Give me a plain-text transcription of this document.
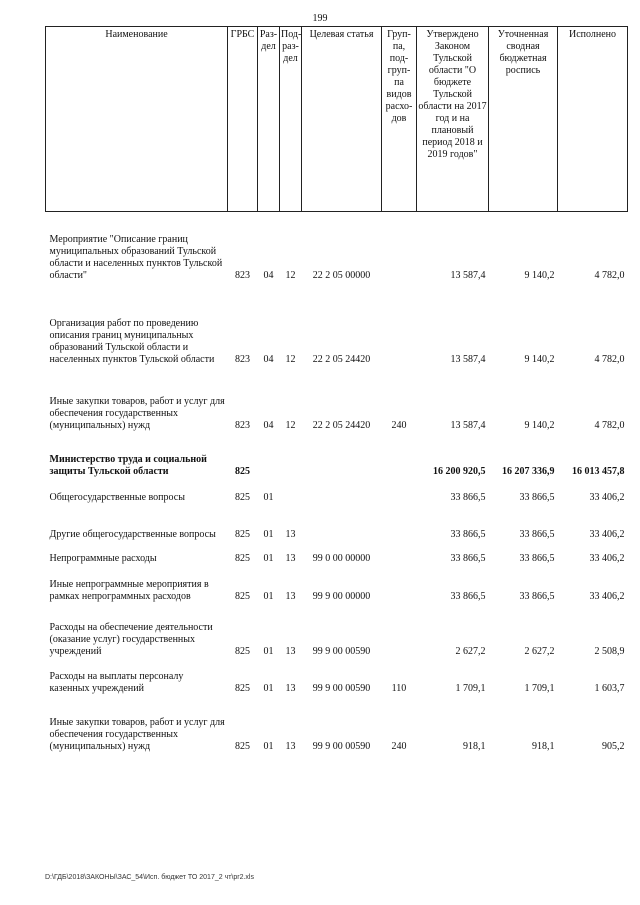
199
Наименование	ГРБС	Раз-дел	Под-раз-дел	Целевая статья	Груп-па, под-груп-па видов расхо-дов	Утверждено Законом Тульской области "О бюджете Тульской области на 2017 год и на плановый период 2018 и 2019 годов"	Уточненная сводная бюджетная роспись	Исполнено
Мероприятие "Описание границ муниципальных образований Тульской области и населенных пунктов Тульской области"	823	04	12	22 2 05 00000		13 587,4	9 140,2	4 782,0
Организация работ по проведению описания границ муниципальных образований Тульской области и населенных пунктов Тульской области	823	04	12	22 2 05 24420		13 587,4	9 140,2	4 782,0
Иные закупки товаров, работ и услуг для обеспечения государственных (муниципальных) нужд	823	04	12	22 2 05 24420	240	13 587,4	9 140,2	4 782,0
Министерство труда и социальной защиты Тульской области	825					16 200 920,5	16 207 336,9	16 013 457,8
Общегосударственные вопросы	825	01				33 866,5	33 866,5	33 406,2
Другие общегосударственные вопросы	825	01	13			33 866,5	33 866,5	33 406,2
Непрограммные расходы	825	01	13	99 0 00 00000		33 866,5	33 866,5	33 406,2
Иные непрограммные мероприятия в рамках непрограммных расходов	825	01	13	99 9 00 00000		33 866,5	33 866,5	33 406,2
Расходы на обеспечение деятельности (оказание услуг) государственных учреждений	825	01	13	99 9 00 00590		2 627,2	2 627,2	2 508,9
Расходы на выплаты персоналу казенных учреждений	825	01	13	99 9 00 00590	110	1 709,1	1 709,1	1 603,7
Иные закупки товаров, работ и услуг для обеспечения государственных (муниципальных) нужд	825	01	13	99 9 00 00590	240	918,1	918,1	905,2
D:\ГДБ\2018\ЗАКОНЫ\ЗАС_54\Исп. бюджет ТО 2017_2 чт\pr2.xls
